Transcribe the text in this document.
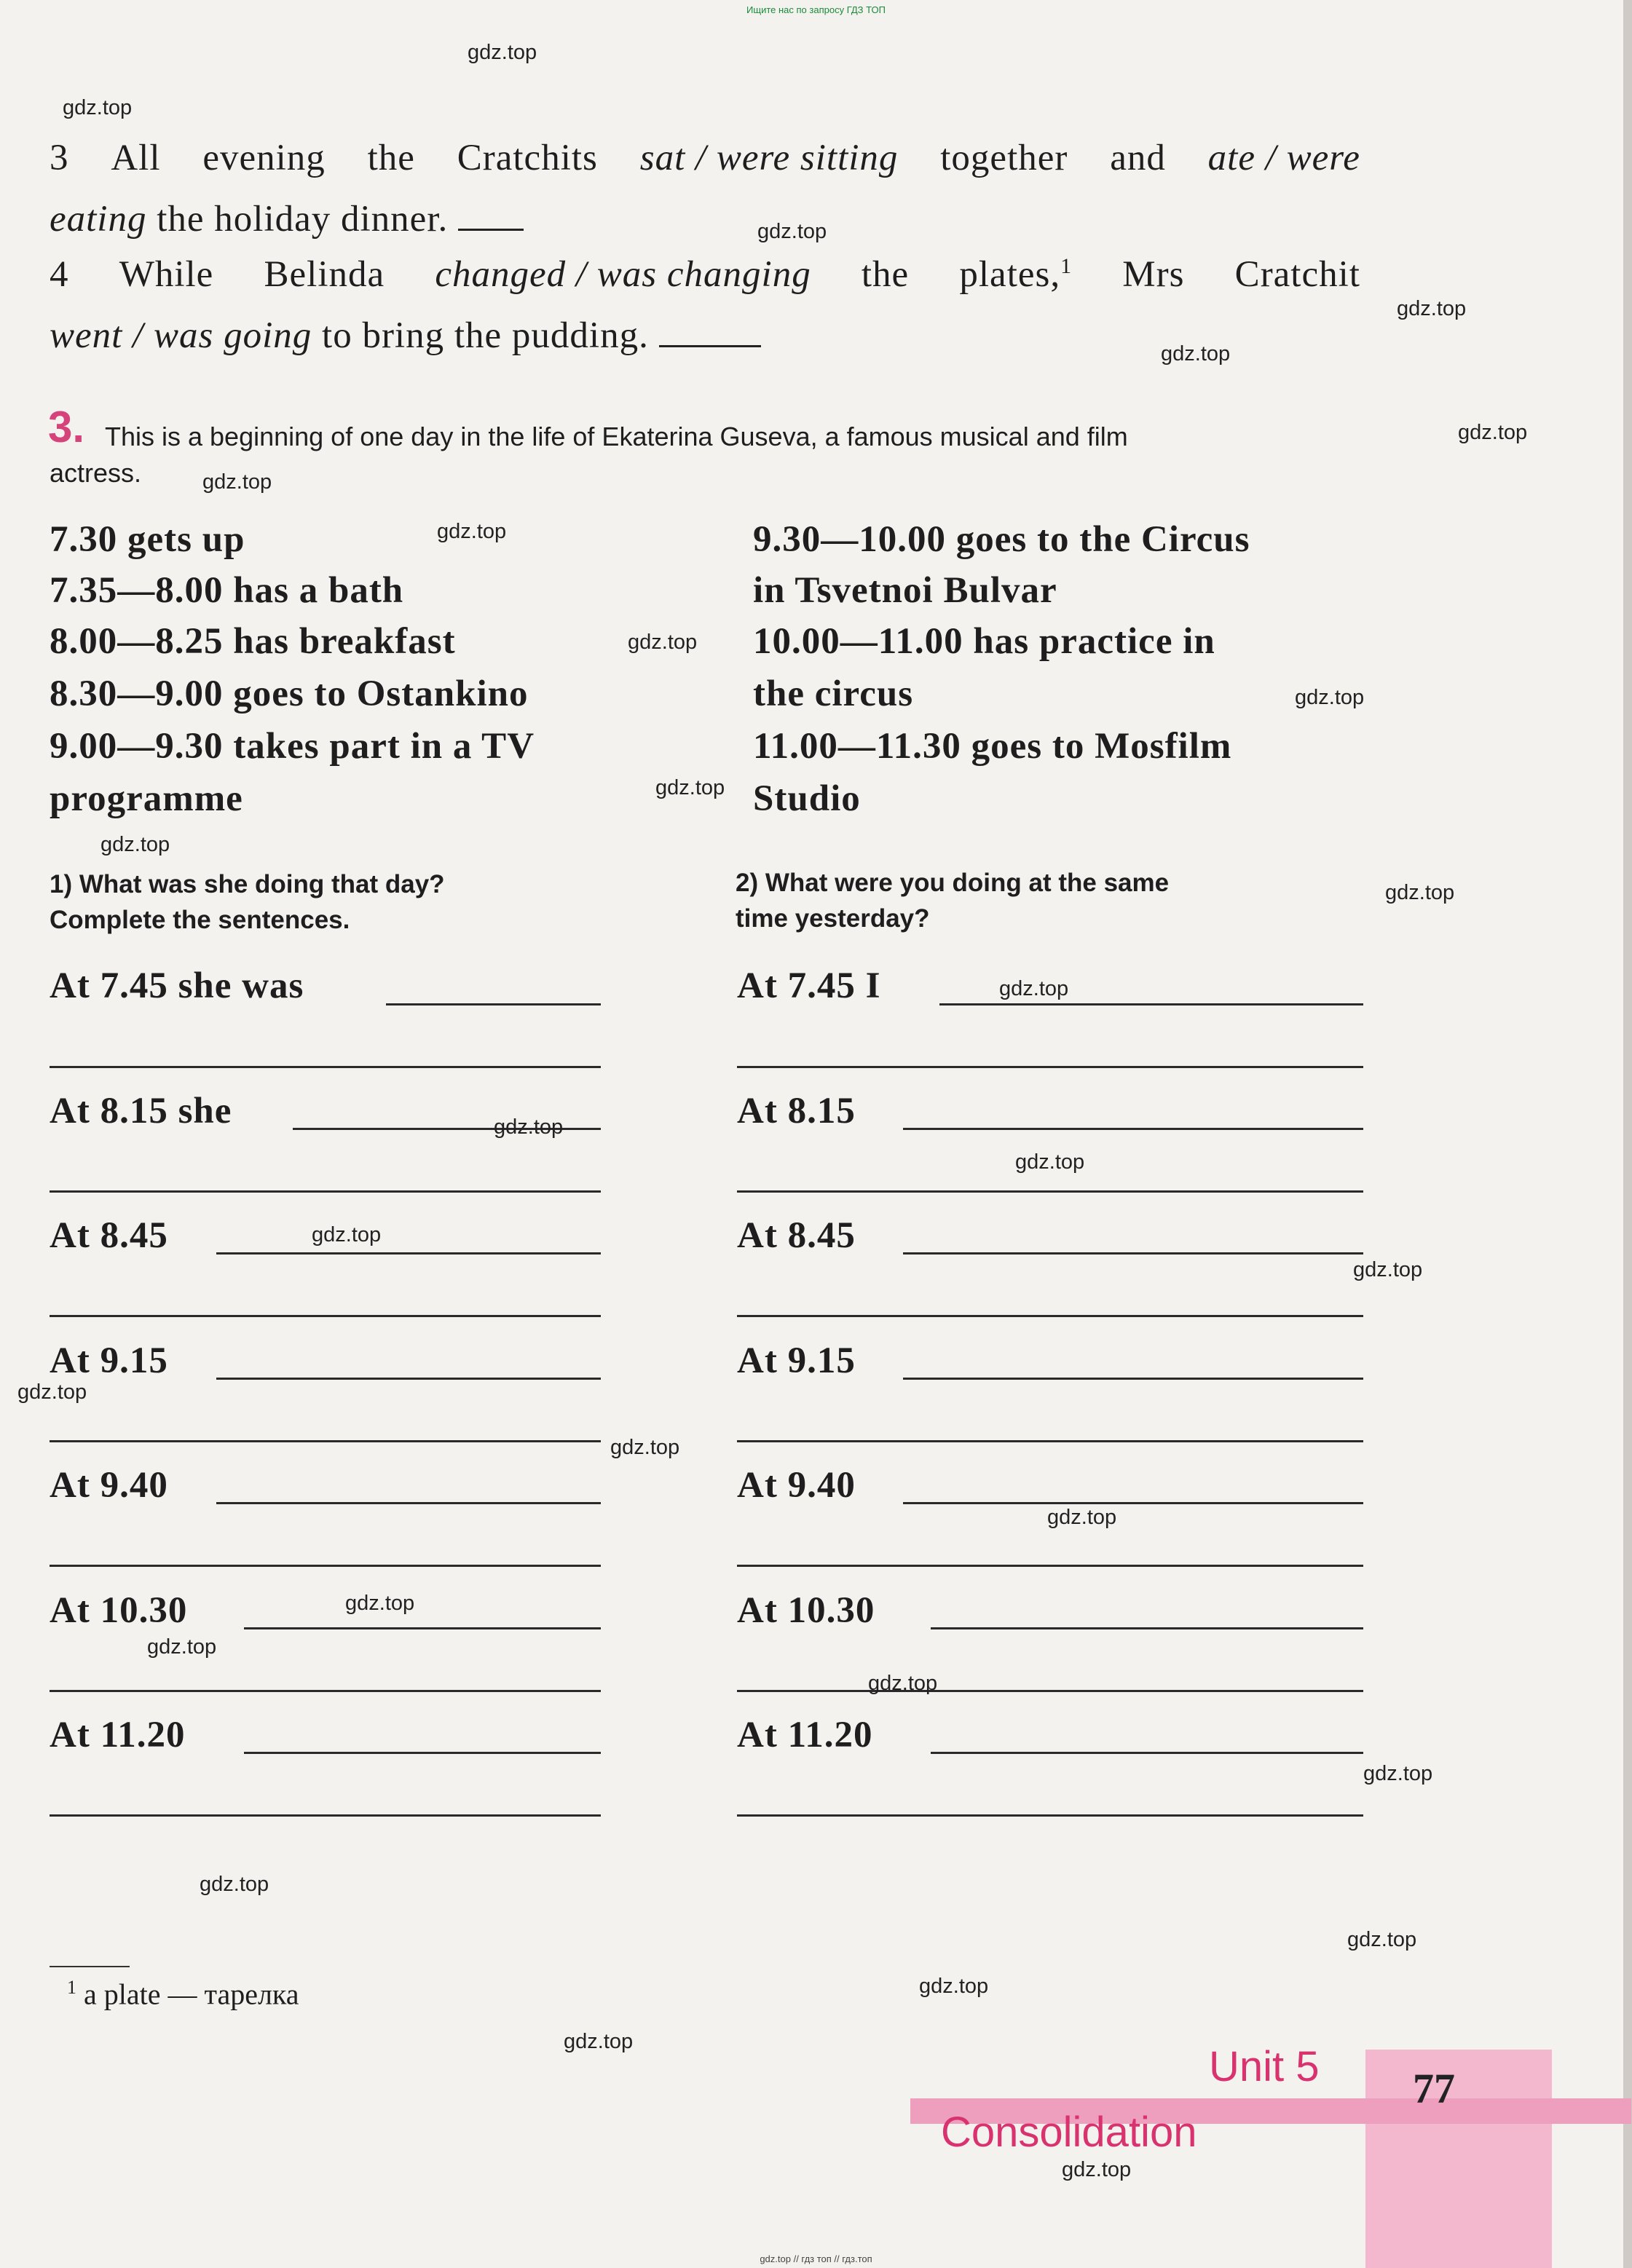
Ищите нас по запросу ГДЗ ТОП
3 All evening the Cratchits sat / were sitting together and ate / were
eating the holiday dinner.
4 While Belinda changed / was changing the plates,$^1$ Mrs Cratchit
went / was going to bring the pudding.
3. This is a beginning of one day in the life of Ekaterina Guseva, a famous musical and film
actress.
7.30 gets up
7.35—8.00 has a bath
8.00—8.25 has breakfast
8.30—9.00 goes to Ostankino
9.00—9.30 takes part in a TV
programme
9.30—10.00 goes to the Circus
in Tsvetnoi Bulvar
10.00—11.00 has practice in
the circus
11.00—11.30 goes to Mosfilm
Studio
1) What was she doing that day?
Complete the sentences.
2) What were you doing at the same
time yesterday?
At 7.45 she was
At 8.15 she
At 8.45
At 9.15
At 9.40
At 10.30
At 11.20
At 7.45 I
At 8.15
At 8.45
At 9.15
At 9.40
At 10.30
At 11.20
$^1$ a plate — тарелка
Unit 5
Consolidation
77
gdz.top
gdz.top
gdz.top
gdz.top
gdz.top
gdz.top
gdz.top
gdz.top
gdz.top
gdz.top
gdz.top
gdz.top
gdz.top
gdz.top
gdz.top
gdz.top
gdz.top
gdz.top
gdz.top
gdz.top
gdz.top
gdz.top
gdz.top
gdz.top
gdz.top
gdz.top
gdz.top
gdz.top
gdz.top
gdz.top
gdz.top // гдз топ // гдз.топ
